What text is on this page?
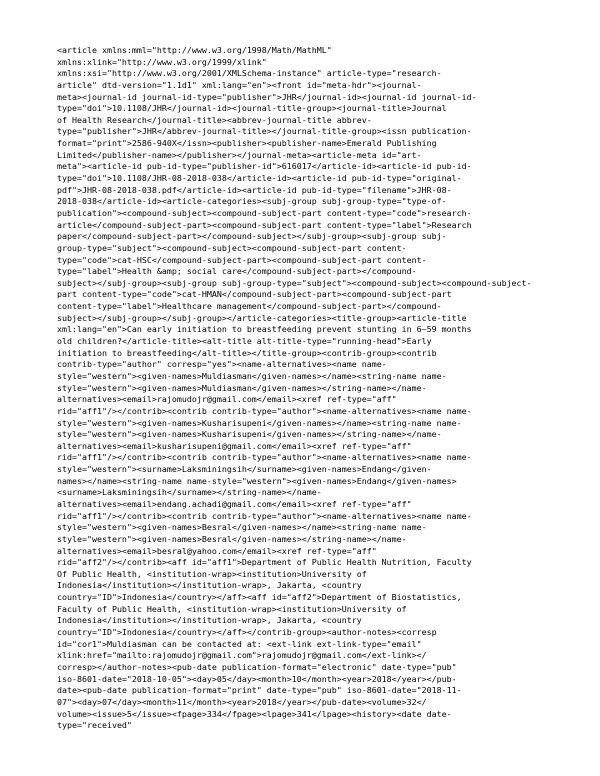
<article xmlns:mml="http://www.w3.org/1998/Math/MathML"
xmlns:xlink="http://www.w3.org/1999/xlink"
xmlns:xsi="http://www.w3.org/2001/XMLSchema-instance" article-type="research-
article" dtd-version="1.1d1" xml:lang="en"><front id="meta-hdr"><journal-
meta><journal-id journal-id-type="publisher">JHR</journal-id><journal-id journal-id-
type="doi">10.1108/JHR</journal-id><journal-title-group><journal-title>Journal
of Health Research</journal-title><abbrev-journal-title abbrev-
type="publisher">JHR</abbrev-journal-title></journal-title-group><issn publication-
format="print">2586-940X</issn><publisher><publisher-name>Emerald Publishing
Limited</publisher-name></publisher></journal-meta><article-meta id="art-
meta"><article-id pub-id-type="publisher-id">616017</article-id><article-id pub-id-
type="doi">10.1108/JHR-08-2018-038</article-id><article-id pub-id-type="original-
pdf">JHR-08-2018-038.pdf</article-id><article-id pub-id-type="filename">JHR-08-
2018-038</article-id><article-categories><subj-group subj-group-type="type-of-
publication"><compound-subject><compound-subject-part content-type="code">research-
article</compound-subject-part><compound-subject-part content-type="label">Research
paper</compound-subject-part></compound-subject></subj-group><subj-group subj-
group-type="subject"><compound-subject><compound-subject-part content-
type="code">cat-HSC</compound-subject-part><compound-subject-part content-
type="label">Health &amp; social care</compound-subject-part></compound-
subject></subj-group><subj-group subj-group-type="subject"><compound-subject><compound-subject-
part content-type="code">cat-HMAN</compound-subject-part><compound-subject-part
content-type="label">Healthcare management</compound-subject-part></compound-
subject></subj-group></subj-group></article-categories><title-group><article-title
xml:lang="en">Can early initiation to breastfeeding prevent stunting in 6–59 months
old children?</article-title><alt-title alt-title-type="running-head">Early
initiation to breastfeeding</alt-title></title-group><contrib-group><contrib
contrib-type="author" corresp="yes"><name-alternatives><name name-
style="western"><given-names>Muldiasman</given-names></name><string-name name-
style="western"><given-names>Muldiasman</given-names></string-name></name-
alternatives><email>rajomudojr@gmail.com</email><xref ref-type="aff"
rid="aff1"/></contrib><contrib contrib-type="author"><name-alternatives><name name-
style="western"><given-names>Kusharisupeni</given-names></name><string-name name-
style="western"><given-names>Kusharisupeni</given-names></string-name></name-
alternatives><email>kusharisupeni@gmail.com</email><xref ref-type="aff"
rid="aff1"/></contrib><contrib contrib-type="author"><name-alternatives><name name-
style="western"><surname>Laksminingsih</surname><given-names>Endang</given-
names></name><string-name name-style="western"><given-names>Endang</given-names>
<surname>Laksminingsih</surname></string-name></name-
alternatives><email>endang.achadi@gmail.com</email><xref ref-type="aff"
rid="aff1"/></contrib><contrib contrib-type="author"><name-alternatives><name name-
style="western"><given-names>Besral</given-names></name><string-name name-
style="western"><given-names>Besral</given-names></string-name></name-
alternatives><email>besral@yahoo.com</email><xref ref-type="aff"
rid="aff2"/></contrib><aff id="aff1">Department of Public Health Nutrition, Faculty
Of Public Health, <institution-wrap><institution>University of
Indonesia</institution></institution-wrap>, Jakarta, <country
country="ID">Indonesia</country></aff><aff id="aff2">Department of Biostatistics,
Faculty of Public Health, <institution-wrap><institution>University of
Indonesia</institution></institution-wrap>, Jakarta, <country
country="ID">Indonesia</country></aff></contrib-group><author-notes><corresp
id="cor1">Muldiasman can be contacted at: <ext-link ext-link-type="email"
xlink:href="mailto:rajomudojr@gmail.com">rajomudojr@gmail.com</ext-link></
corresp></author-notes><pub-date publication-format="electronic" date-type="pub"
iso-8601-date="2018-10-05"><day>05</day><month>10</month><year>2018</year></pub-
date><pub-date publication-format="print" date-type="pub" iso-8601-date="2018-11-
07"><day>07</day><month>11</month><year>2018</year></pub-date><volume>32</
volume><issue>5</issue><fpage>334</fpage><lpage>341</lpage><history><date date-
type="received"
